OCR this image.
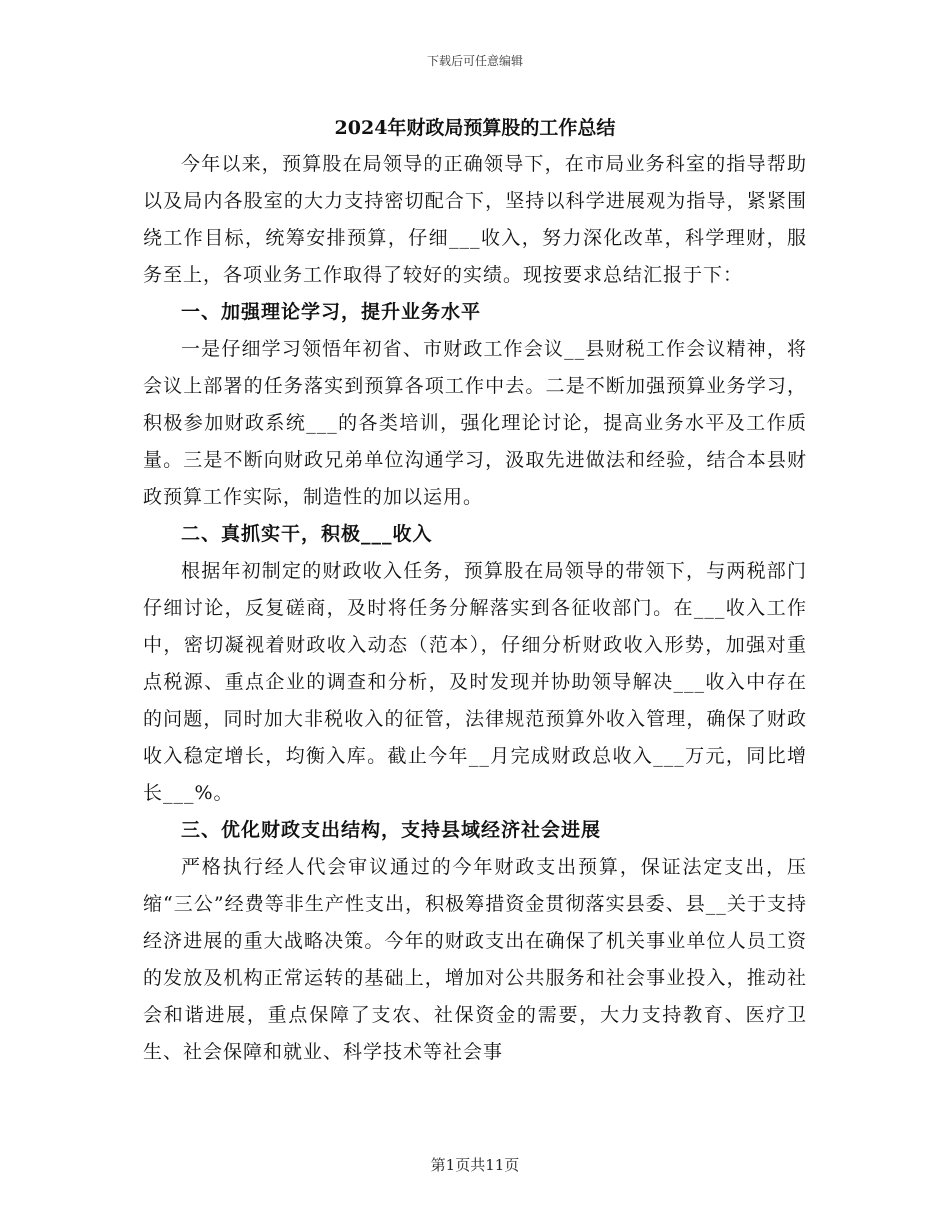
下载后可任意编辑
2024年财政局预算股的工作总结

今年以来，预算股在局领导的正确领导下，在市局业务科室的指导帮助以及局内各股室的大力支持密切配合下，坚持以科学进展观为指导，紧紧围绕工作目标，统筹安排预算，仔细___收入，努力深化改革，科学理财，服务至上，各项业务工作取得了较好的实绩。现按要求总结汇报于下：

一、加强理论学习，提升业务水平

一是仔细学习领悟年初省、市财政工作会议__县财税工作会议精神，将会议上部署的任务落实到预算各项工作中去。二是不断加强预算业务学习，积极参加财政系统___的各类培训，强化理论讨论，提高业务水平及工作质量。三是不断向财政兄弟单位沟通学习，汲取先进做法和经验，结合本县财政预算工作实际，制造性的加以运用。

二、真抓实干，积极___收入

根据年初制定的财政收入任务，预算股在局领导的带领下，与两税部门仔细讨论，反复磋商，及时将任务分解落实到各征收部门。在___收入工作中，密切凝视着财政收入动态（范本），仔细分析财政收入形势，加强对重点税源、重点企业的调查和分析，及时发现并协助领导解决___收入中存在的问题，同时加大非税收入的征管，法律规范预算外收入管理，确保了财政收入稳定增长，均衡入库。截止今年__月完成财政总收入___万元，同比增长___%。

三、优化财政支出结构，支持县域经济社会进展

严格执行经人代会审议通过的今年财政支出预算，保证法定支出，压缩“三公”经费等非生产性支出，积极筹措资金贯彻落实县委、县__关于支持经济进展的重大战略决策。今年的财政支出在确保了机关事业单位人员工资的发放及机构正常运转的基础上，增加对公共服务和社会事业投入，推动社会和谐进展，重点保障了支农、社保资金的需要，大力支持教育、医疗卫生、社会保障和就业、科学技术等社会事

第1页共11页
